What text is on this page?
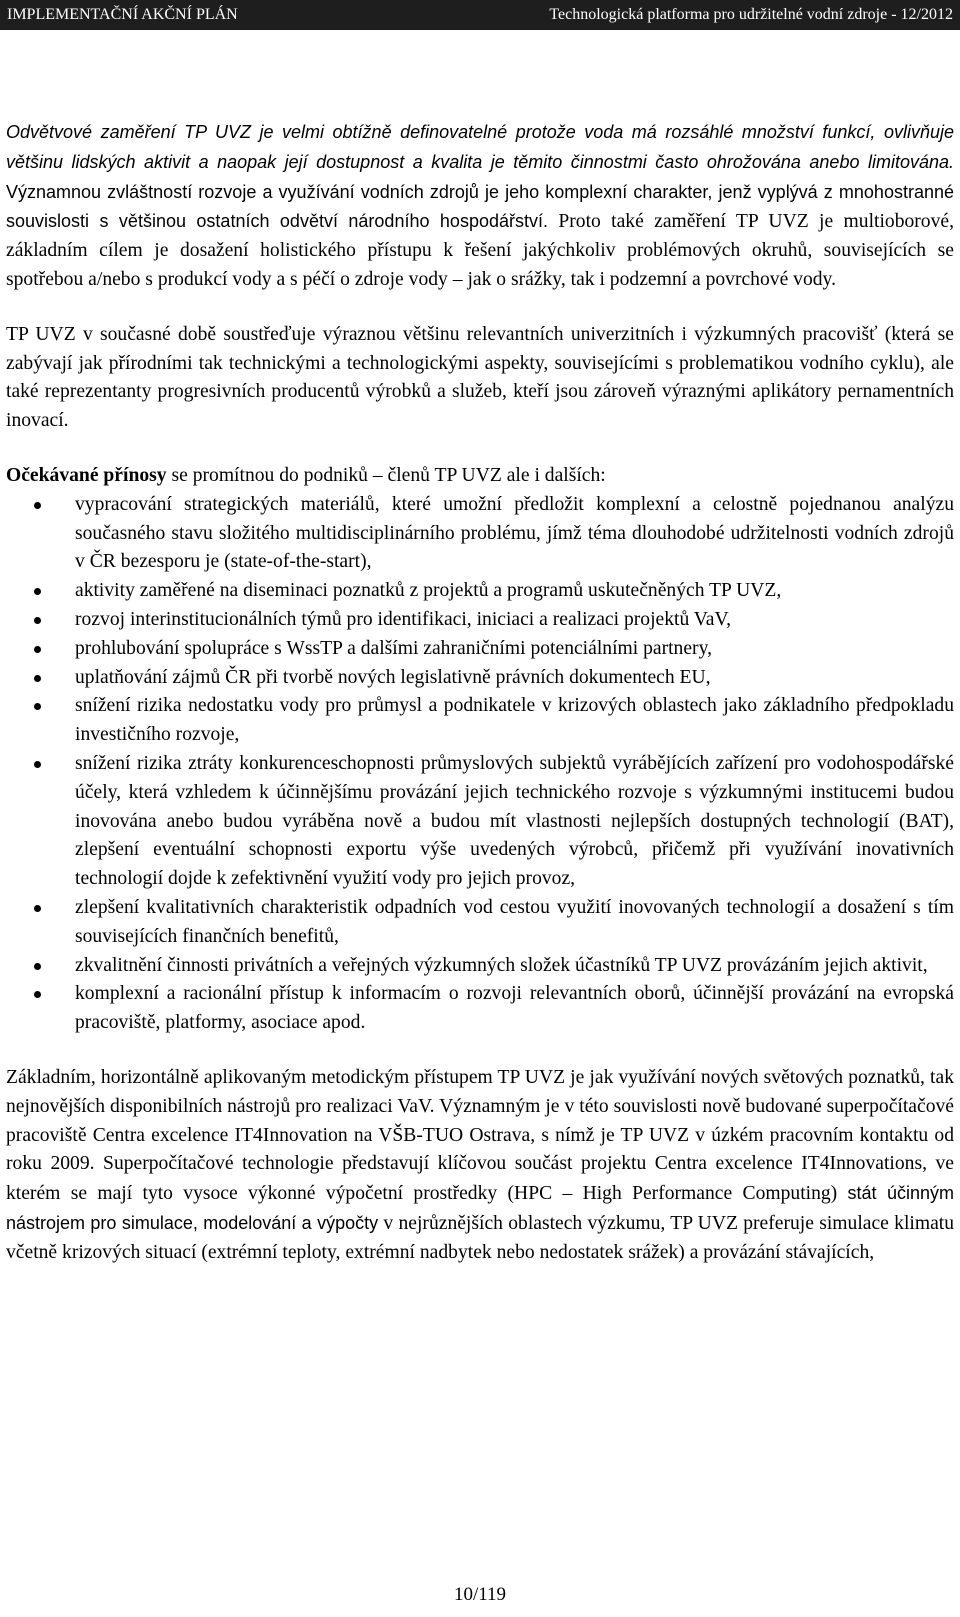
IMPLEMENTAČNÍ AKČNÍ PLÁN	Technologická platforma pro udržitelné vodní zdroje - 12/2012

Odvětvové zaměření TP UVZ je velmi obtížně definovatelné protože voda má rozsáhlé množství funkcí, ovlivňuje většinu lidských aktivit a naopak její dostupnost a kvalita je těmito činnostmi často ohrožována anebo limitována. Významnou zvláštností rozvoje a využívání vodních zdrojů je jeho komplexní charakter, jenž vyplývá z mnohostranné souvislosti s většinou ostatních odvětví národního hospodářství. Proto také zaměření TP UVZ je multioborové, základním cílem je dosažení holistického přístupu k řešení jakýchkoliv problémových okruhů, souvisejících se spotřebou a/nebo s produkcí vody a s péčí o zdroje vody – jak o srážky, tak i podzemní a povrchové vody.

TP UVZ v současné době soustřeďuje výraznou většinu relevantních univerzitních i výzkumných pracovišť (která se zabývají jak přírodními tak technickými a technologickými aspekty, souvisejícími s problematikou vodního cyklu), ale také reprezentanty progresivních producentů výrobků a služeb, kteří jsou zároveň výraznými aplikátory pernamentních inovací.

Očekávané přínosy se promítnou do podniků – členů TP UVZ ale i dalších:

vypracování strategických materiálů, které umožní předložit komplexní a celostně pojednanou analýzu současného stavu složitého multidisciplinárního problému, jímž téma dlouhodobé udržitelnosti vodních zdrojů v ČR bezesporu je (state-of-the-start),
aktivity zaměřené na diseminaci poznatků z projektů a programů uskutečněných TP UVZ,
rozvoj interinstitucionálních týmů pro identifikaci, iniciaci a realizaci projektů VaV,
prohlubování spolupráce s WssTP a dalšími zahraničními potenciálními partnery,
uplatňování zájmů ČR při tvorbě nových legislativně právních dokumentech EU,
snížení rizika nedostatku vody pro průmysl a podnikatele v krizových oblastech jako základního předpokladu investičního rozvoje,
snížení rizika ztráty konkurenceschopnosti průmyslových subjektů vyrábějících zařízení pro vodohospodářské účely, která vzhledem k účinnějšímu provázání jejich technického rozvoje s výzkumnými institucemi budou inovována anebo budou vyráběna nově a budou mít vlastnosti nejlepších dostupných technologií (BAT), zlepšení eventuální schopnosti exportu výše uvedených výrobců, přičemž při využívání inovativních technologií dojde k zefektivnění využití vody pro jejich provoz,
zlepšení kvalitativních charakteristik odpadních vod cestou využití inovovaných technologií a dosažení s tím souvisejících finančních benefitů,
zkvalitnění činnosti privátních a veřejných výzkumných složek účastníků TP UVZ provázáním jejich aktivit,
komplexní a racionální přístup k informacím o rozvoji relevantních oborů, účinnější provázání na evropská pracoviště, platformy, asociace apod.

Základním, horizontálně aplikovaným metodickým přístupem TP UVZ je jak využívání nových světových poznatků, tak nejnovějších disponibilních nástrojů pro realizaci VaV. Významným je v této souvislosti nově budované superpočítačové pracoviště Centra excelence IT4Innovation na VŠB-TUO Ostrava, s nímž je TP UVZ v úzkém pracovním kontaktu od roku 2009. Superpočítačové technologie představují klíčovou součást projektu Centra excelence IT4Innovations, ve kterém se mají tyto vysoce výkonné výpočetní prostředky (HPC – High Performance Computing) stát účinným nástrojem pro simulace, modelování a výpočty v nejrůznějších oblastech výzkumu, TP UVZ preferuje simulace klimatu včetně krizových situací (extrémní teploty, extrémní nadbytek nebo nedostatek srážek) a provázání stávajících,

10/119
